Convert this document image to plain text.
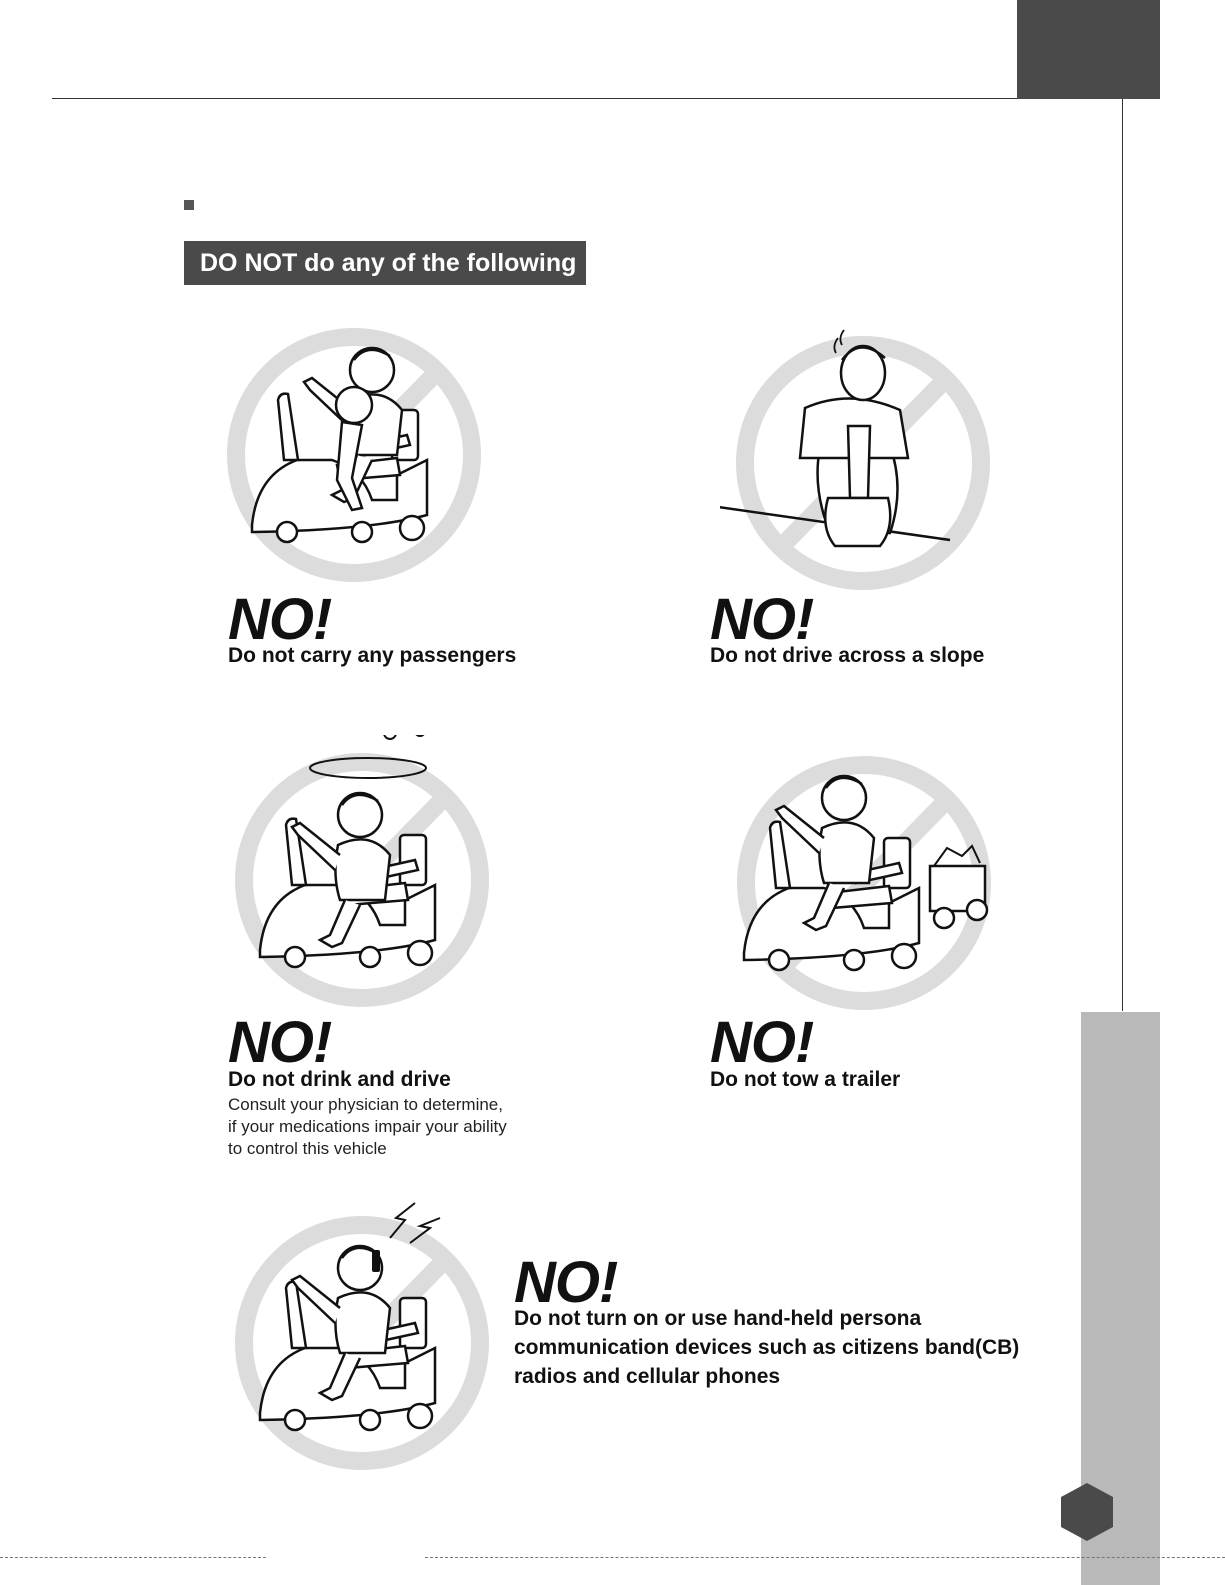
DO NOT do any of the following
NO!
Do not carry any passengers
NO!
Do not drive across a slope
NO!
Do not drink and drive
Consult your physician to determine,
if your medications impair your ability
to control this vehicle
NO!
Do not tow a trailer
NO!
Do not turn on or use hand-held persona
communication devices such as citizens band(CB)
radios and cellular phones
